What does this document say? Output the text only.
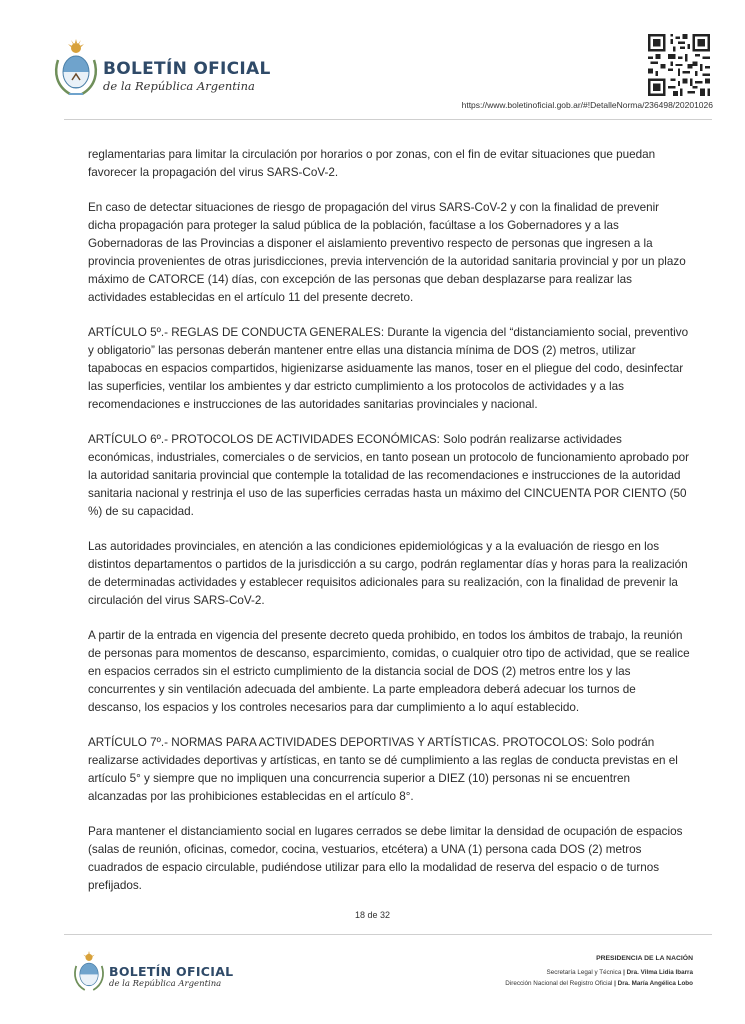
BOLETÍN OFICIAL
de la República Argentina
https://www.boletinoficial.gob.ar/#!DetalleNorma/236498/20201026

reglamentarias para limitar la circulación por horarios o por zonas, con el fin de evitar situaciones que puedan favorecer la propagación del virus SARS-CoV-2.

En caso de detectar situaciones de riesgo de propagación del virus SARS-CoV-2 y con la finalidad de prevenir dicha propagación para proteger la salud pública de la población, facúltase a los Gobernadores y a las Gobernadoras de las Provincias a disponer el aislamiento preventivo respecto de personas que ingresen a la provincia provenientes de otras jurisdicciones, previa intervención de la autoridad sanitaria provincial y por un plazo máximo de CATORCE (14) días, con excepción de las personas que deban desplazarse para realizar las actividades establecidas en el artículo 11 del presente decreto.

ARTÍCULO 5º.- REGLAS DE CONDUCTA GENERALES: Durante la vigencia del “distanciamiento social, preventivo y obligatorio” las personas deberán mantener entre ellas una distancia mínima de DOS (2) metros, utilizar tapabocas en espacios compartidos, higienizarse asiduamente las manos, toser en el pliegue del codo, desinfectar las superficies, ventilar los ambientes y dar estricto cumplimiento a los protocolos de actividades y a las recomendaciones e instrucciones de las autoridades sanitarias provinciales y nacional.

ARTÍCULO 6º.- PROTOCOLOS DE ACTIVIDADES ECONÓMICAS: Solo podrán realizarse actividades económicas, industriales, comerciales o de servicios, en tanto posean un protocolo de funcionamiento aprobado por la autoridad sanitaria provincial que contemple la totalidad de las recomendaciones e instrucciones de la autoridad sanitaria nacional y restrinja el uso de las superficies cerradas hasta un máximo del CINCUENTA POR CIENTO (50 %) de su capacidad.

Las autoridades provinciales, en atención a las condiciones epidemiológicas y a la evaluación de riesgo en los distintos departamentos o partidos de la jurisdicción a su cargo, podrán reglamentar días y horas para la realización de determinadas actividades y establecer requisitos adicionales para su realización, con la finalidad de prevenir la circulación del virus SARS-CoV-2.

A partir de la entrada en vigencia del presente decreto queda prohibido, en todos los ámbitos de trabajo, la reunión de personas para momentos de descanso, esparcimiento, comidas, o cualquier otro tipo de actividad, que se realice en espacios cerrados sin el estricto cumplimiento de la distancia social de DOS (2) metros entre los y las concurrentes y sin ventilación adecuada del ambiente. La parte empleadora deberá adecuar los turnos de descanso, los espacios y los controles necesarios para dar cumplimiento a lo aquí establecido.

ARTÍCULO 7º.- NORMAS PARA ACTIVIDADES DEPORTIVAS Y ARTÍSTICAS. PROTOCOLOS: Solo podrán realizarse actividades deportivas y artísticas, en tanto se dé cumplimiento a las reglas de conducta previstas en el artículo 5° y siempre que no impliquen una concurrencia superior a DIEZ (10) personas ni se encuentren alcanzadas por las prohibiciones establecidas en el artículo 8°.

Para mantener el distanciamiento social en lugares cerrados se debe limitar la densidad de ocupación de espacios (salas de reunión, oficinas, comedor, cocina, vestuarios, etcétera) a UNA (1) persona cada DOS (2) metros cuadrados de espacio circulable, pudiéndose utilizar para ello la modalidad de reserva del espacio o de turnos prefijados.

18 de 32
BOLETÍN OFICIAL
de la República Argentina
PRESIDENCIA DE LA NACIÓN
Secretaría Legal y Técnica | Dra. Vilma Lidia Ibarra
Dirección Nacional del Registro Oficial | Dra. María Angélica Lobo
